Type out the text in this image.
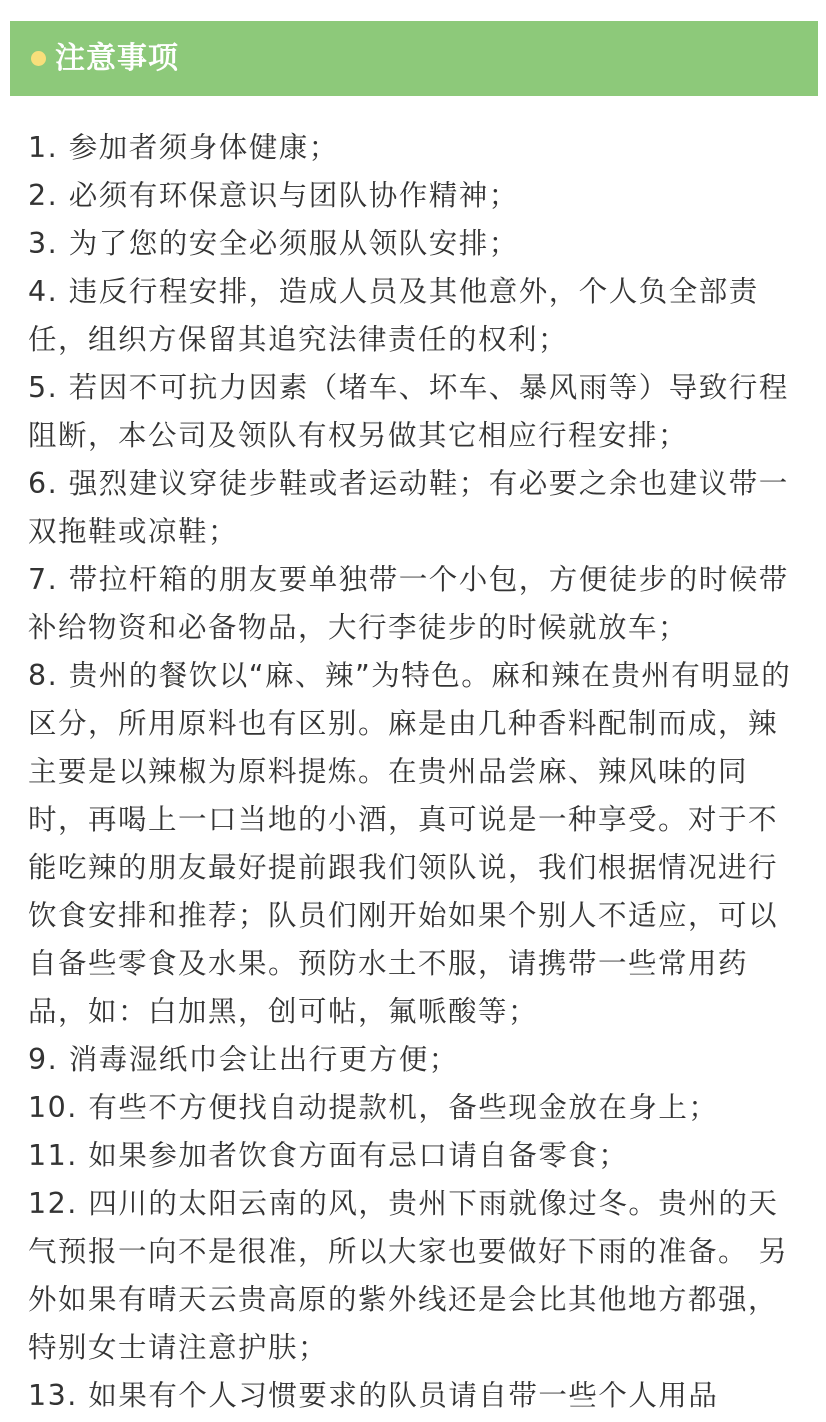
注意事项
1. 参加者须身体健康；
2. 必须有环保意识与团队协作精神；
3. 为了您的安全必须服从领队安排；
4. 违反行程安排，造成人员及其他意外，个人负全部责任，组织方保留其追究法律责任的权利；
5. 若因不可抗力因素（堵车、坏车、暴风雨等）导致行程阻断，本公司及领队有权另做其它相应行程安排；
6. 强烈建议穿徒步鞋或者运动鞋；有必要之余也建议带一双拖鞋或凉鞋；
7. 带拉杆箱的朋友要单独带一个小包，方便徒步的时候带补给物资和必备物品，大行李徒步的时候就放车；
8. 贵州的餐饮以“麻、辣”为特色。麻和辣在贵州有明显的区分，所用原料也有区别。麻是由几种香料配制而成，辣主要是以辣椒为原料提炼。在贵州品尝麻、辣风味的同时，再喝上一口当地的小酒，真可说是一种享受。对于不能吃辣的朋友最好提前跟我们领队说，我们根据情况进行饮食安排和推荐；队员们刚开始如果个别人不适应，可以自备些零食及水果。预防水土不服，请携带一些常用药品，如：白加黑，创可帖，氟哌酸等；
9. 消毒湿纸巾会让出行更方便；
10. 有些不方便找自动提款机，备些现金放在身上；
11. 如果参加者饮食方面有忌口请自备零食；
12. 四川的太阳云南的风，贵州下雨就像过冬。贵州的天气预报一向不是很准，所以大家也要做好下雨的准备。 另外如果有晴天云贵高原的紫外线还是会比其他地方都强，特别女士请注意护肤；
13. 如果有个人习惯要求的队员请自带一些个人用品
